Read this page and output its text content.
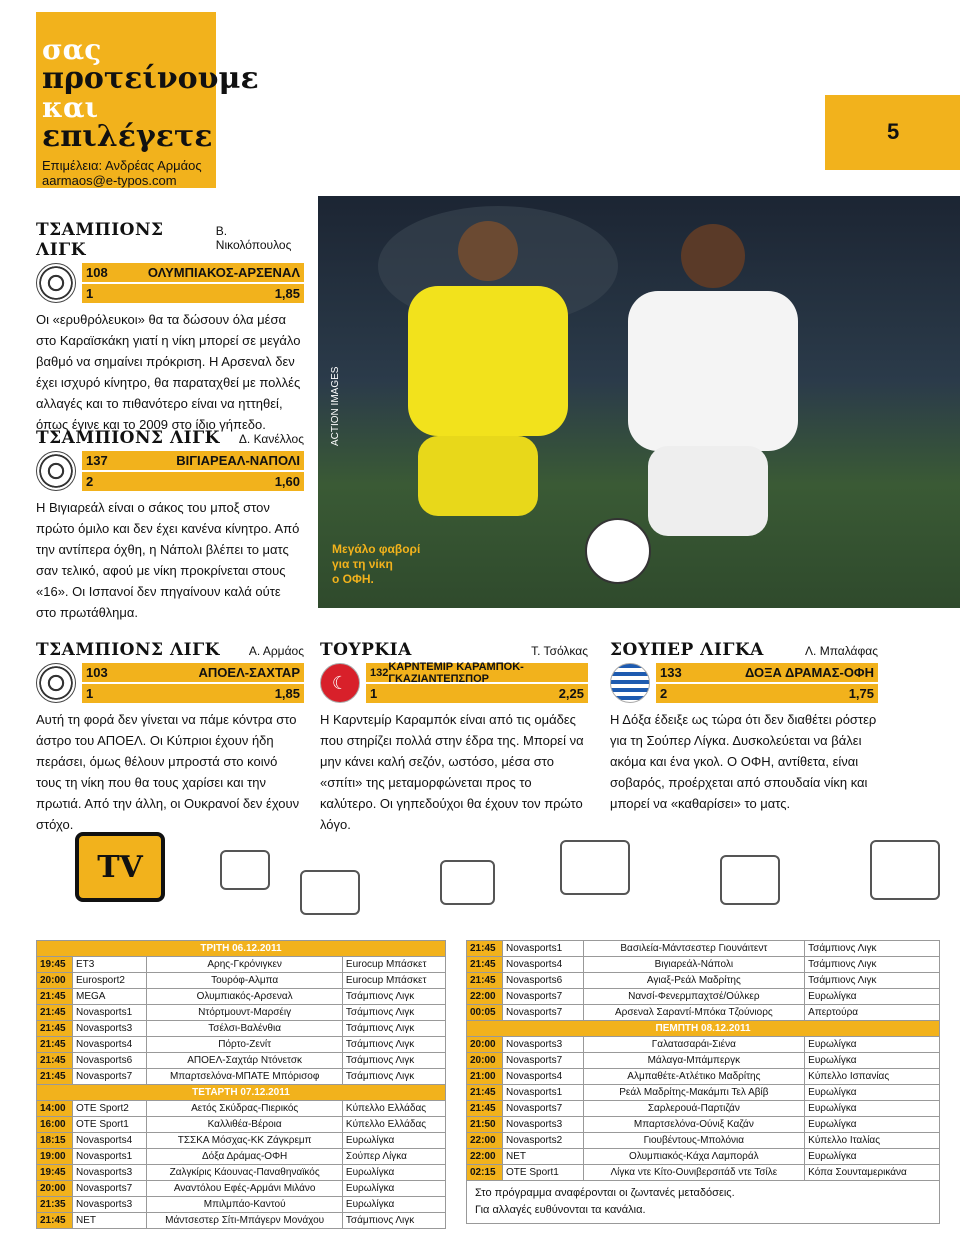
σας
προτείνουμε
και
επιλέγετε
Επιμέλεια: Ανδρέας Αρμάος
aarmaos@e-typos.com
5
ΤΣΑΜΠΙΟΝΣ ΛΙΓΚ
Β. Νικολόπουλος
108	ΟΛΥΜΠΙΑΚΟΣ-ΑΡΣΕΝΑΛ
1	1,85

Οι «ερυθρόλευκοι» θα τα δώσουν όλα μέσα στο Καραϊσκάκη γιατί η νίκη μπορεί σε μεγάλο βαθμό να σημαίνει πρόκριση. Η Αρσεναλ δεν έχει ισχυρό κίνητρο, θα παραταχθεί με πολλές αλλαγές και το πιθανότερο είναι να ηττηθεί, όπως έγινε και το 2009 στο ίδιο γήπεδο.

ΤΣΑΜΠΙΟΝΣ ΛΙΓΚ Δ. Κανέλλος
137	ΒΙΓΙΑΡΕΑΛ-ΝΑΠΟΛΙ
2	1,60

Η Βιγιαρεάλ είναι ο σάκος του μποξ στον πρώτο όμιλο και δεν έχει κανένα κίνητρο. Από την αντίπερα όχθη, η Νάπολι βλέπει το ματς σαν τελικό, αφού με νίκη προκρίνεται στους «16». Οι Ισπανοί δεν πηγαίνουν καλά ούτε στο πρωτάθλημα.

ACTION IMAGES
Μεγάλο φαβορί
για τη νίκη
ο ΟΦΗ.
ΤΣΑΜΠΙΟΝΣ ΛΙΓΚ Α. Αρμάος
103	ΑΠΟΕΛ-ΣΑΧΤΑΡ
1	1,85

Αυτή τη φορά δεν γίνεται να πάμε κόντρα στο άστρο του ΑΠΟΕΛ. Οι Κύπριοι έχουν ήδη περάσει, όμως θέλουν μπροστά στο κοινό τους τη νίκη που θα τους χαρίσει και την πρωτιά. Από την άλλη, οι Ουκρανοί δεν έχουν στόχο.

ΤΟΥΡΚΙΑ	Τ. Τσόλκας
☾	132 ΚΑΡΝΤΕΜΙΡ ΚΑΡΑΜΠΟΚ-ΓΚΑΖΙΑΝΤΕΠΣΠΟΡ
1	2,25

Η Καρντεμίρ Καραμπόκ είναι από τις ομάδες που στηρίζει πολλά στην έδρα της. Μπορεί να μην κάνει καλή σεζόν, ωστόσο, μέσα στο «σπίτι» της μεταμορφώνεται προς το καλύτερο. Οι γηπεδούχοι θα έχουν τον πρώτο λόγο.

ΣΟΥΠΕΡ ΛΙΓΚΑ	Λ. Μπαλάφας
133	ΔΟΞΑ ΔΡΑΜΑΣ-ΟΦΗ
2	1,75

Η Δόξα έδειξε ως τώρα ότι δεν διαθέτει ρόστερ για τη Σούπερ Λίγκα. Δυσκολεύεται να βάλει ακόμα και ένα γκολ. Ο ΟΦΗ, αντίθετα, είναι σοβαρός, προέρχεται από σπουδαία νίκη και μπορεί να «καθαρίσει» το ματς.

TV
ΤΡΙΤΗ 06.12.2011			
19:45	ΕΤ3	Αρης-Γκρόνιγκεν	Eurocup Μπάσκετ
20:00	Eurosport2	Τουρόφ-Αλμπα	Eurocup Μπάσκετ
21:45	MEGA	Ολυμπιακός-Αρσεναλ	Τσάμπιονς Λιγκ
21:45	Novasports1	Ντόρτμουντ-Μαρσέιγ	Τσάμπιονς Λιγκ
21:45	Novasports3	Τσέλσι-Βαλένθια	Τσάμπιονς Λιγκ
21:45	Novasports4	Πόρτο-Ζενίτ	Τσάμπιονς Λιγκ
21:45	Novasports6	ΑΠΟΕΛ-Σαχτάρ Ντόνετσκ	Τσάμπιονς Λιγκ
21:45	Novasports7	Μπαρτσελόνα-ΜΠΑΤΕ Μπόρισοφ	Τσάμπιονς Λιγκ
ΤΕΤΑΡΤΗ 07.12.2011			
14:00	OTE Sport2	Αετός Σκύδρας-Πιερικός	Κύπελλο Ελλάδας
16:00	OTE Sport1	Καλλιθέα-Βέροια	Κύπελλο Ελλάδας
18:15	Novasports4	ΤΣΣΚΑ Μόσχας-ΚΚ Ζάγκρεμπ	Ευρωλίγκα
19:00	Novasports1	Δόξα Δράμας-ΟΦΗ	Σούπερ Λίγκα
19:45	Novasports3	Ζαλγκίρις Κάουνας-Παναθηναϊκός	Ευρωλίγκα
20:00	Novasports7	Αναντόλου Εφές-Αρμάνι Μιλάνο	Ευρωλίγκα
21:35	Novasports3	Μπιλμπάο-Καντού	Ευρωλίγκα
21:45	NET	Μάντσεστερ Σίτι-Μπάγερν Μονάχου	Τσάμπιονς Λιγκ
21:45	Novasports1	Βασιλεία-Μάντσεστερ Γιουνάιτεντ	Τσάμπιονς Λιγκ
21:45	Novasports4	Βιγιαρεάλ-Νάπολι	Τσάμπιονς Λιγκ
21:45	Novasports6	Αγιαξ-Ρεάλ Μαδρίτης	Τσάμπιονς Λιγκ
22:00	Novasports7	Νανσί-Φενερμπαχτσέ/Ούλκερ	Ευρωλίγκα
00:05	Novasports7	Αρσεναλ Σαραντί-Μπόκα Τζούνιορς	Απερτούρα
ΠΕΜΠΤΗ 08.12.2011			
20:00	Novasports3	Γαλατασαράι-Σιένα	Ευρωλίγκα
20:00	Novasports7	Μάλαγα-Μπάμπεργκ	Ευρωλίγκα
21:00	Novasports4	Αλμπαθέτε-Ατλέτικο Μαδρίτης	Κύπελλο Ισπανίας
21:45	Novasports1	Ρεάλ Μαδρίτης-Μακάμπι Τελ Αβίβ	Ευρωλίγκα
21:45	Novasports7	Σαρλερουά-Παρτιζάν	Ευρωλίγκα
21:50	Novasports3	Μπαρτσελόνα-Ούνιξ Καζάν	Ευρωλίγκα
22:00	Novasports2	Γιουβέντους-Μπολόνια	Κύπελλο Ιταλίας
22:00	NET	Ολυμπιακός-Κάχα Λαμποράλ	Ευρωλίγκα
02:15	OTE Sport1	Λίγκα ντε Κίτο-Ουνιβερσιτάδ ντε Τσίλε	Κόπα Σουνταμερικάνα
Στο πρόγραμμα αναφέρονται οι ζωντανές μεταδόσεις.
Για αλλαγές ευθύνονται τα κανάλια.
